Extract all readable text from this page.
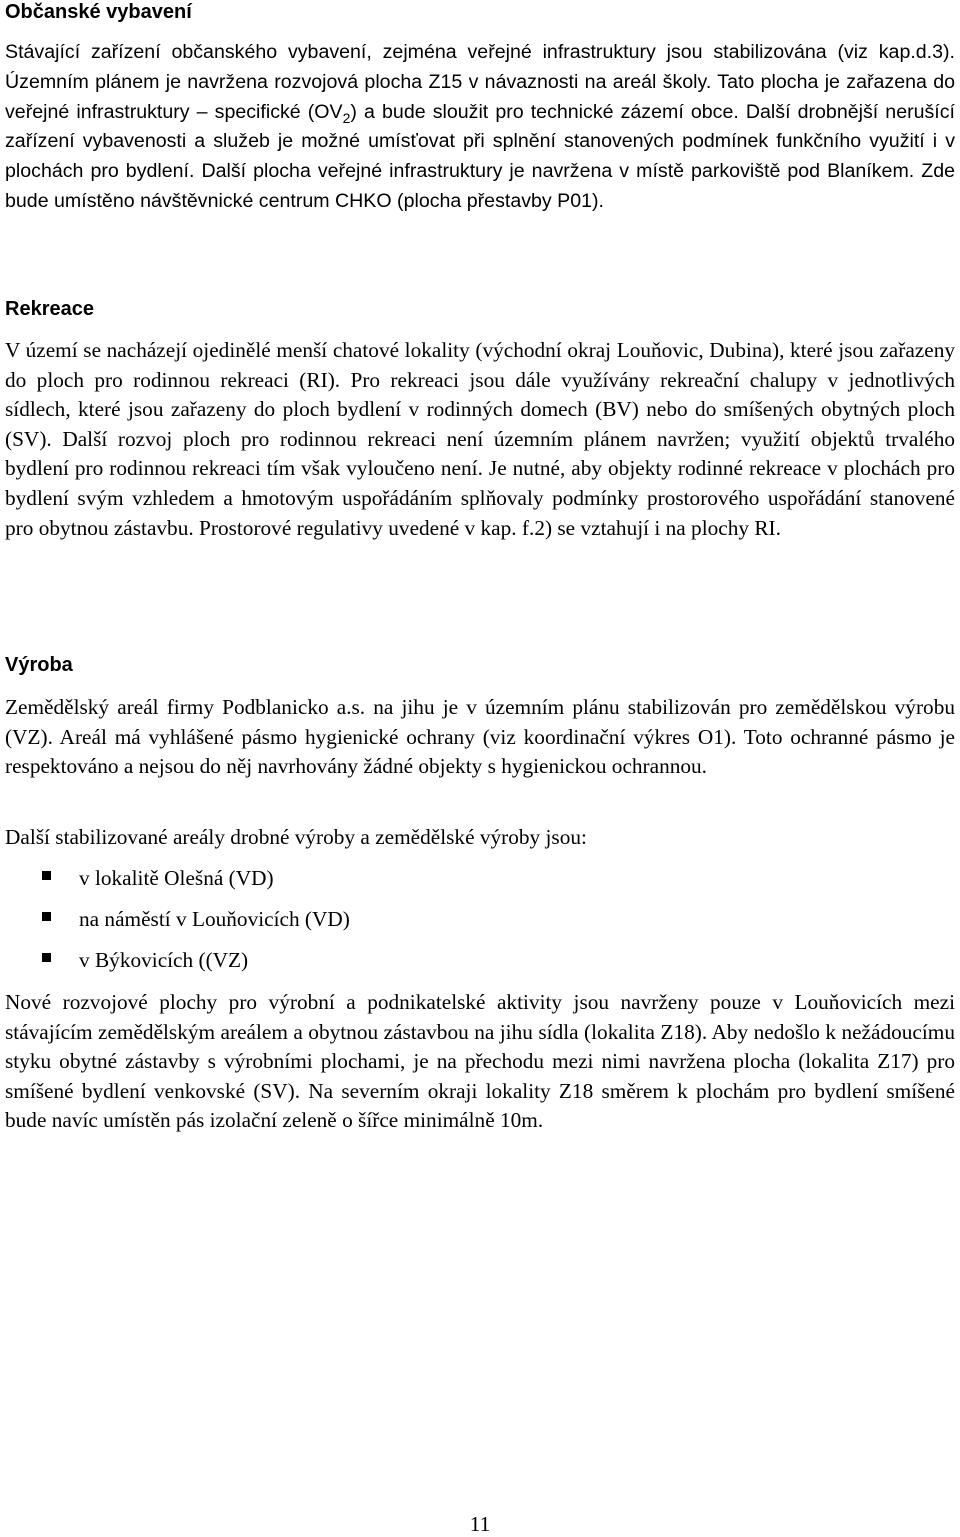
Občanské vybavení

Stávající zařízení občanského vybavení, zejména veřejné infrastruktury jsou stabilizována (viz kap.d.3). Územním plánem je navržena rozvojová plocha Z15 v návaznosti na areál školy. Tato plocha je zařazena do veřejné infrastruktury – specifické $(OV_2)$ a bude sloužit pro technické zázemí obce. Další drobnější nerušící zařízení vybavenosti a služeb je možné umísťovat při splnění stanovených podmínek funkčního využití i v plochách pro bydlení. Další plocha veřejné infrastruktury je navržena v místě parkoviště pod Blaníkem. Zde bude umístěno návštěvnické centrum CHKO (plocha přestavby P01).

Rekreace

V území se nacházejí ojedinělé menší chatové lokality (východní okraj Louňovic, Dubina), které jsou zařazeny do ploch pro rodinnou rekreaci (RI). Pro rekreaci jsou dále využívány rekreační chalupy v jednotlivých sídlech, které jsou zařazeny do ploch bydlení v rodinných domech (BV) nebo do smíšených obytných ploch (SV). Další rozvoj ploch pro rodinnou rekreaci není územním plánem navržen; využití objektů trvalého bydlení pro rodinnou rekreaci tím však vyloučeno není. Je nutné, aby objekty rodinné rekreace v plochách pro bydlení svým vzhledem a hmotovým uspořádáním splňovaly podmínky prostorového uspořádání stanovené pro obytnou zástavbu. Prostorové regulativy uvedené v kap. f.2) se vztahují i na plochy RI.

Výroba

Zemědělský areál firmy Podblanicko a.s. na jihu je v územním plánu stabilizován pro zemědělskou výrobu (VZ). Areál má vyhlášené pásmo hygienické ochrany (viz koordinační výkres O1). Toto ochranné pásmo je respektováno a nejsou do něj navrhovány žádné objekty s hygienickou ochrannou.

Další stabilizované areály drobné výroby a zemědělské výroby jsou:

v lokalitě Olešná (VD)
na náměstí v Louňovicích (VD)
v Býkovicích ((VZ)

Nové rozvojové plochy pro výrobní a podnikatelské aktivity jsou navrženy pouze v Louňovicích mezi stávajícím zemědělským areálem a obytnou zástavbou na jihu sídla (lokalita Z18). Aby nedošlo k nežádoucímu styku obytné zástavby s výrobními plochami, je na přechodu mezi nimi navržena plocha (lokalita Z17) pro smíšené bydlení venkovské (SV). Na severním okraji lokality Z18 směrem k plochám pro bydlení smíšené bude navíc umístěn pás izolační zeleně o šířce minimálně 10m.

11
